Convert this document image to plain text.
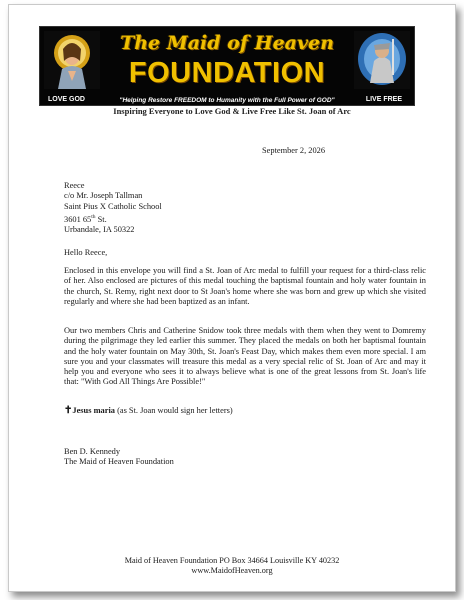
The Maid of Heaven
FOUNDATION
LOVE GOD	"Helping Restore FREEDOM to Humanity with the Full Power of GOD"	LIVE FREE
Inspiring Everyone to Love God & Live Free Like St. Joan of Arc
September 2, 2026
Reece
c/o Mr. Joseph Tallman
Saint Pius X Catholic School
3601 65th St.
Urbandale, IA 50322
Hello Reece,
Enclosed in this envelope you will find a St. Joan of Arc medal to fulfill your request for a third-class relic of her. Also enclosed are pictures of this medal touching the baptismal fountain and holy water fountain in the church, St. Remy, right next door to St Joan's home where she was born and grew up which she visited regularly and where she had been baptized as an infant.
Our two members Chris and Catherine Snidow took three medals with them when they went to Domremy during the pilgrimage they led earlier this summer. They placed the medals on both her baptismal fountain and the holy water fountain on May 30th, St. Joan's Feast Day, which makes them even more special. I am sure you and your classmates will treasure this medal as a very special relic of St. Joan of Arc and may it help you and everyone who sees it to always believe what is one of the great lessons from St. Joan's life that: "With God All Things Are Possible!"
✝Jesus maria (as St. Joan would sign her letters)
Ben D. Kennedy
The Maid of Heaven Foundation
Maid of Heaven Foundation PO Box 34664 Louisville KY 40232
www.MaidofHeaven.org
